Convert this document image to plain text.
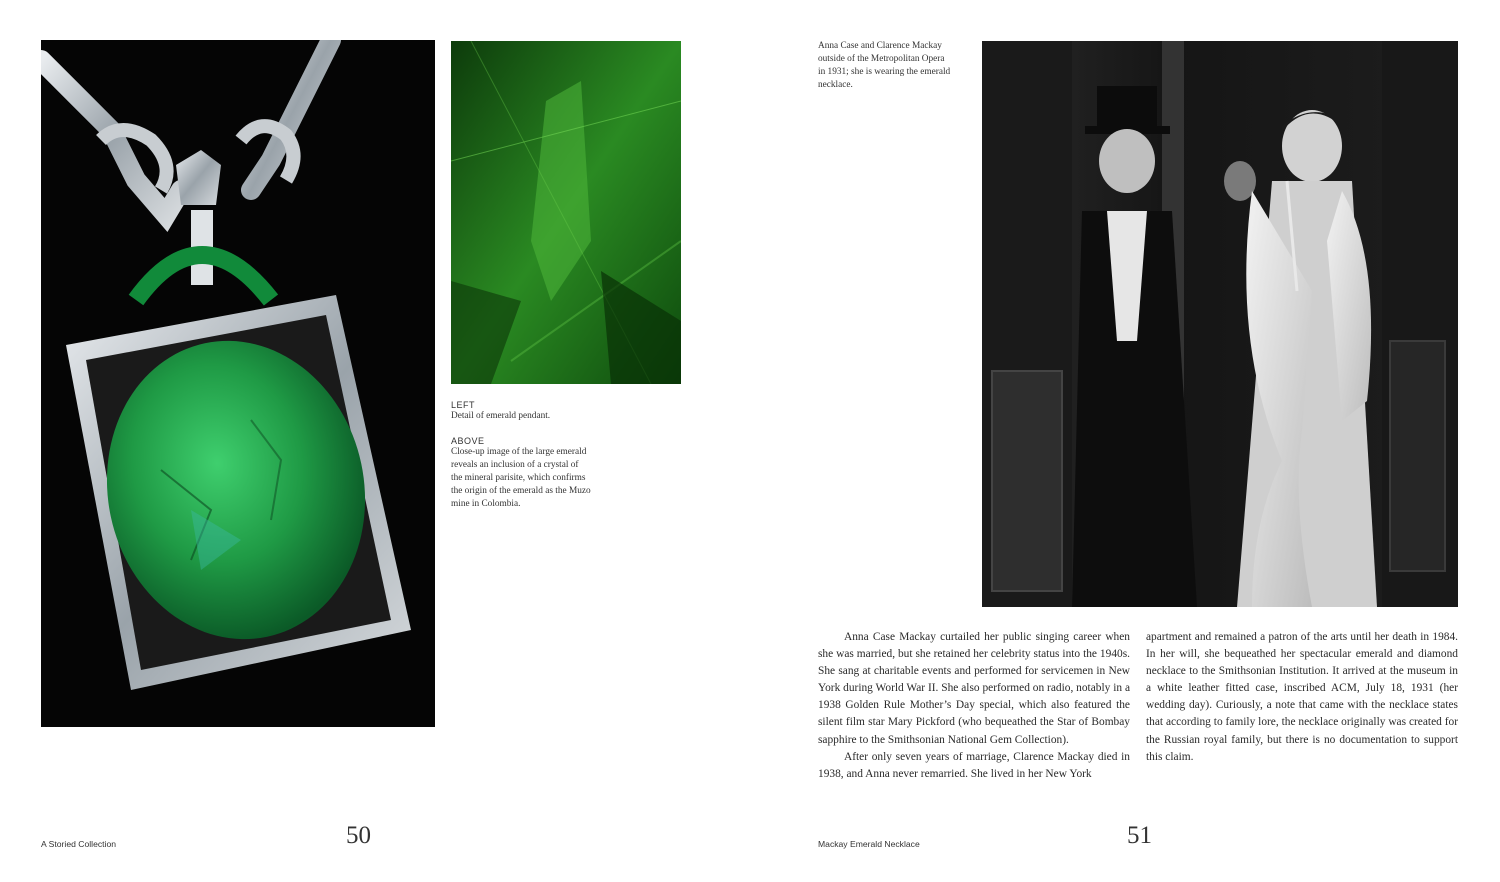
LEFT
Detail of emerald pendant.
ABOVE
Close-up image of the large emerald
reveals an inclusion of a crystal of
the mineral parisite, which confirms
the origin of the emerald as the Muzo
mine in Colombia.
A Storied Collection	50
Anna Case and Clarence Mackay
outside of the Metropolitan Opera
in 1931; she is wearing the emerald
necklace.

Anna Case Mackay curtailed her public singing career when she was married, but she retained her celebrity status into the 1940s. She sang at charitable events and performed for servicemen in New York during World War II. She also performed on radio, notably in a 1938 Golden Rule Mother’s Day special, which also featured the silent film star Mary Pickford (who bequeathed the Star of Bombay sapphire to the Smithsonian National Gem Collection).

After only seven years of marriage, Clarence Mackay died in 1938, and Anna never remarried. She lived in her New York

apartment and remained a patron of the arts until her death in 1984. In her will, she bequeathed her spectacular emerald and diamond necklace to the Smithsonian Institution. It arrived at the museum in a white leather fitted case, inscribed ACM, July 18, 1931 (her wedding day). Curiously, a note that came with the necklace states that according to family lore, the necklace originally was created for the Russian royal family, but there is no documentation to support this claim.

Mackay Emerald Necklace	51
